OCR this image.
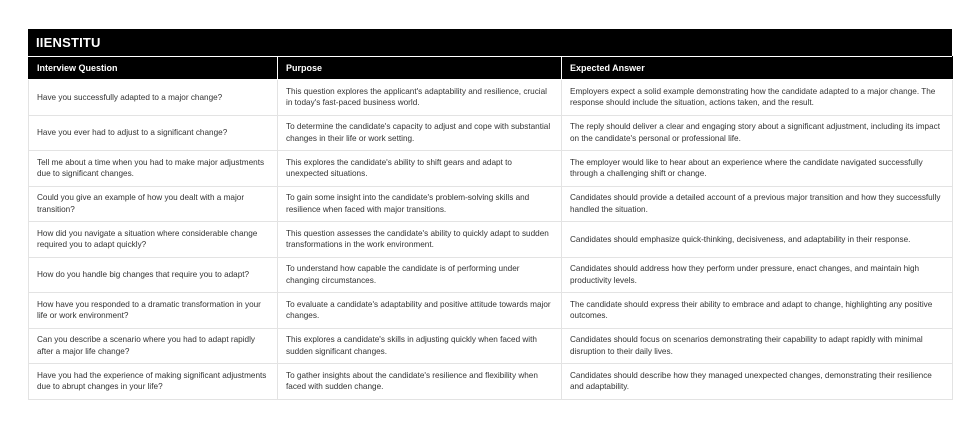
IIENSTITU
Interview Question	Purpose	Expected Answer
Have you successfully adapted to a major change?	This question explores the applicant's adaptability and resilience, crucial in today's fast-paced business world.	Employers expect a solid example demonstrating how the candidate adapted to a major change. The response should include the situation, actions taken, and the result.
Have you ever had to adjust to a significant change?	To determine the candidate's capacity to adjust and cope with substantial changes in their life or work setting.	The reply should deliver a clear and engaging story about a significant adjustment, including its impact on the candidate's personal or professional life.
Tell me about a time when you had to make major adjustments due to significant changes.	This explores the candidate's ability to shift gears and adapt to unexpected situations.	The employer would like to hear about an experience where the candidate navigated successfully through a challenging shift or change.
Could you give an example of how you dealt with a major transition?	To gain some insight into the candidate's problem-solving skills and resilience when faced with major transitions.	Candidates should provide a detailed account of a previous major transition and how they successfully handled the situation.
How did you navigate a situation where considerable change required you to adapt quickly?	This question assesses the candidate's ability to quickly adapt to sudden transformations in the work environment.	Candidates should emphasize quick-thinking, decisiveness, and adaptability in their response.
How do you handle big changes that require you to adapt?	To understand how capable the candidate is of performing under changing circumstances.	Candidates should address how they perform under pressure, enact changes, and maintain high productivity levels.
How have you responded to a dramatic transformation in your life or work environment?	To evaluate a candidate's adaptability and positive attitude towards major changes.	The candidate should express their ability to embrace and adapt to change, highlighting any positive outcomes.
Can you describe a scenario where you had to adapt rapidly after a major life change?	This explores a candidate's skills in adjusting quickly when faced with sudden significant changes.	Candidates should focus on scenarios demonstrating their capability to adapt rapidly with minimal disruption to their daily lives.
Have you had the experience of making significant adjustments due to abrupt changes in your life?	To gather insights about the candidate's resilience and flexibility when faced with sudden change.	Candidates should describe how they managed unexpected changes, demonstrating their resilience and adaptability.
